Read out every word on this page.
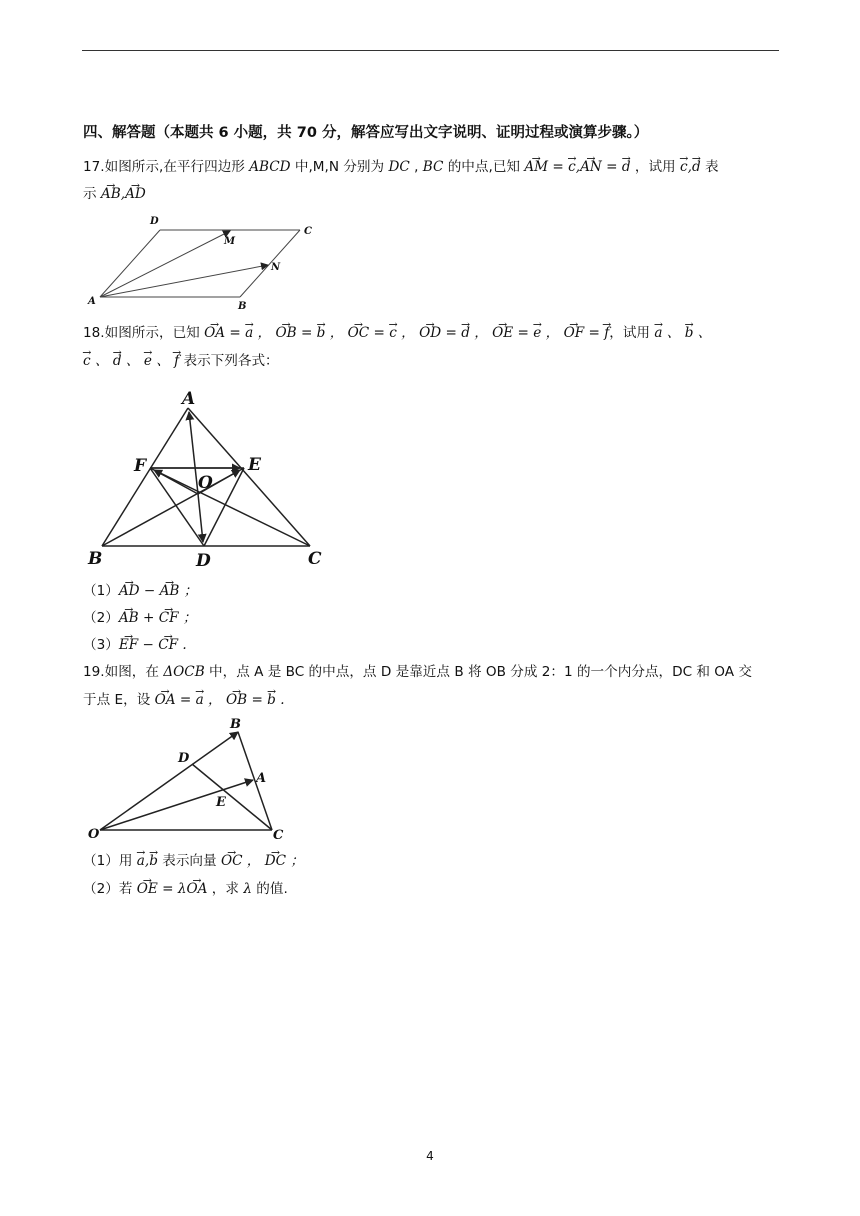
四、解答题（本题共 6 小题，共 70 分，解答应写出文字说明、证明过程或演算步骤。）
17.如图所示,在平行四边形 ABCD 中,M,N 分别为 DC , BC 的中点,已知 → AM = → c,→ AN = → d ，试用 → c,→ d 表
示 → AB,→ AD
D
M
C
N
A	B
18.如图所示，已知 → OA = → a ， → OB = → b ， → OC = → c ， → OD = → d ， → OE = → e ， → OF = → f，试用 → a 、 → b 、
→ c 、 → d 、 → e 、 → f 表示下列各式：
A
F	E
O
B	D	C
（1）→ AD − → AB ；
（2）→ AB + → CF ；
（3）→ EF − → CF .
19.如图，在 ΔOCB 中，点 A 是 BC 的中点，点 D 是靠近点 B 将 OB 分成 2：1 的一个内分点，DC 和 OA 交
于点 E，设 → OA = → a ， → OB = → b .
B
D
A
E
O	C
（1）用 → a,→ b 表示向量 → OC ， → DC ；
（2）若 → OE = λ→ OA ，求 λ 的值.
4
